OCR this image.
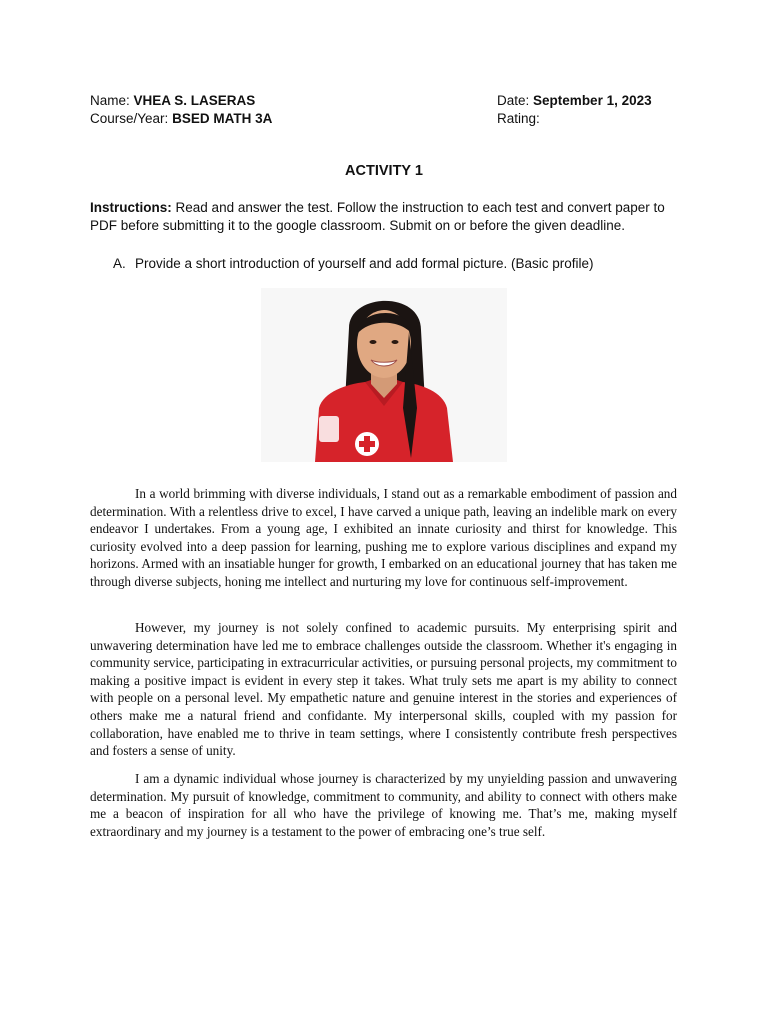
Name: VHEA S. LASERAS
Course/Year: BSED MATH 3A
Date: September 1, 2023
Rating:
ACTIVITY 1
Instructions: Read and answer the test. Follow the instruction to each test and convert paper to PDF before submitting it to the google classroom. Submit on or before the given deadline.
A. Provide a short introduction of yourself and add formal picture. (Basic profile)

In a world brimming with diverse individuals, I stand out as a remarkable embodiment of passion and determination. With a relentless drive to excel, I have carved a unique path, leaving an indelible mark on every endeavor I undertakes. From a young age, I exhibited an innate curiosity and thirst for knowledge. This curiosity evolved into a deep passion for learning, pushing me to explore various disciplines and expand my horizons. Armed with an insatiable hunger for growth, I embarked on an educational journey that has taken me through diverse subjects, honing me intellect and nurturing my love for continuous self-improvement.

However, my journey is not solely confined to academic pursuits. My enterprising spirit and unwavering determination have led me to embrace challenges outside the classroom. Whether it's engaging in community service, participating in extracurricular activities, or pursuing personal projects, my commitment to making a positive impact is evident in every step it takes. What truly sets me apart is my ability to connect with people on a personal level. My empathetic nature and genuine interest in the stories and experiences of others make me a natural friend and confidante. My interpersonal skills, coupled with my passion for collaboration, have enabled me to thrive in team settings, where I consistently contribute fresh perspectives and fosters a sense of unity.

I am a dynamic individual whose journey is characterized by my unyielding passion and unwavering determination. My pursuit of knowledge, commitment to community, and ability to connect with others make me a beacon of inspiration for all who have the privilege of knowing me. That’s me, making myself extraordinary and my journey is a testament to the power of embracing one’s true self.
